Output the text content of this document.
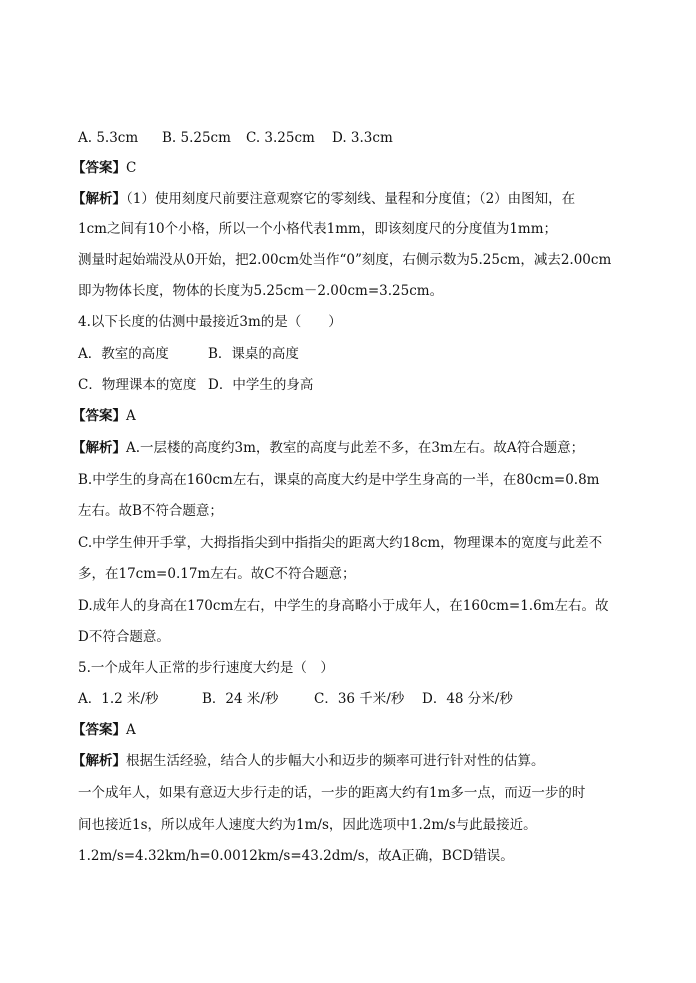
A. 5.3cm B. 5.25cm C. 3.25cm D. 3.3cm
【答案】C
【解析】（1）使用刻度尺前要注意观察它的零刻线、量程和分度值；（2）由图知，在
1cm之间有10个小格，所以一个小格代表1mm，即该刻度尺的分度值为1mm；
测量时起始端没从0开始，把2.00cm处当作“0”刻度，右侧示数为5.25cm，减去2.00cm
即为物体长度，物体的长度为5.25cm－2.00cm=3.25cm。
4.以下长度的估测中最接近3m的是（　　）
A．教室的高度	B．课桌的高度
C．物理课本的宽度 D．中学生的身高
【答案】A
【解析】A.一层楼的高度约3m，教室的高度与此差不多，在3m左右。故A符合题意；
B.中学生的身高在160cm左右，课桌的高度大约是中学生身高的一半，在80cm=0.8m
左右。故B不符合题意；
C.中学生伸开手掌，大拇指指尖到中指指尖的距离大约18cm，物理课本的宽度与此差不
多，在17cm=0.17m左右。故C不符合题意；
D.成年人的身高在170cm左右，中学生的身高略小于成年人，在160cm=1.6m左右。故
D不符合题意。
5.一个成年人正常的步行速度大约是（　）
A．1.2 米/秒	B．24 米/秒	C．36 千米/秒 D．48 分米/秒
【答案】A
【解析】根据生活经验，结合人的步幅大小和迈步的频率可进行针对性的估算。
一个成年人，如果有意迈大步行走的话，一步的距离大约有1m多一点，而迈一步的时
间也接近1s，所以成年人速度大约为1m/s，因此选项中1.2m/s与此最接近。
1.2m/s=4.32km/h=0.0012km/s=43.2dm/s，故A正确，BCD错误。
